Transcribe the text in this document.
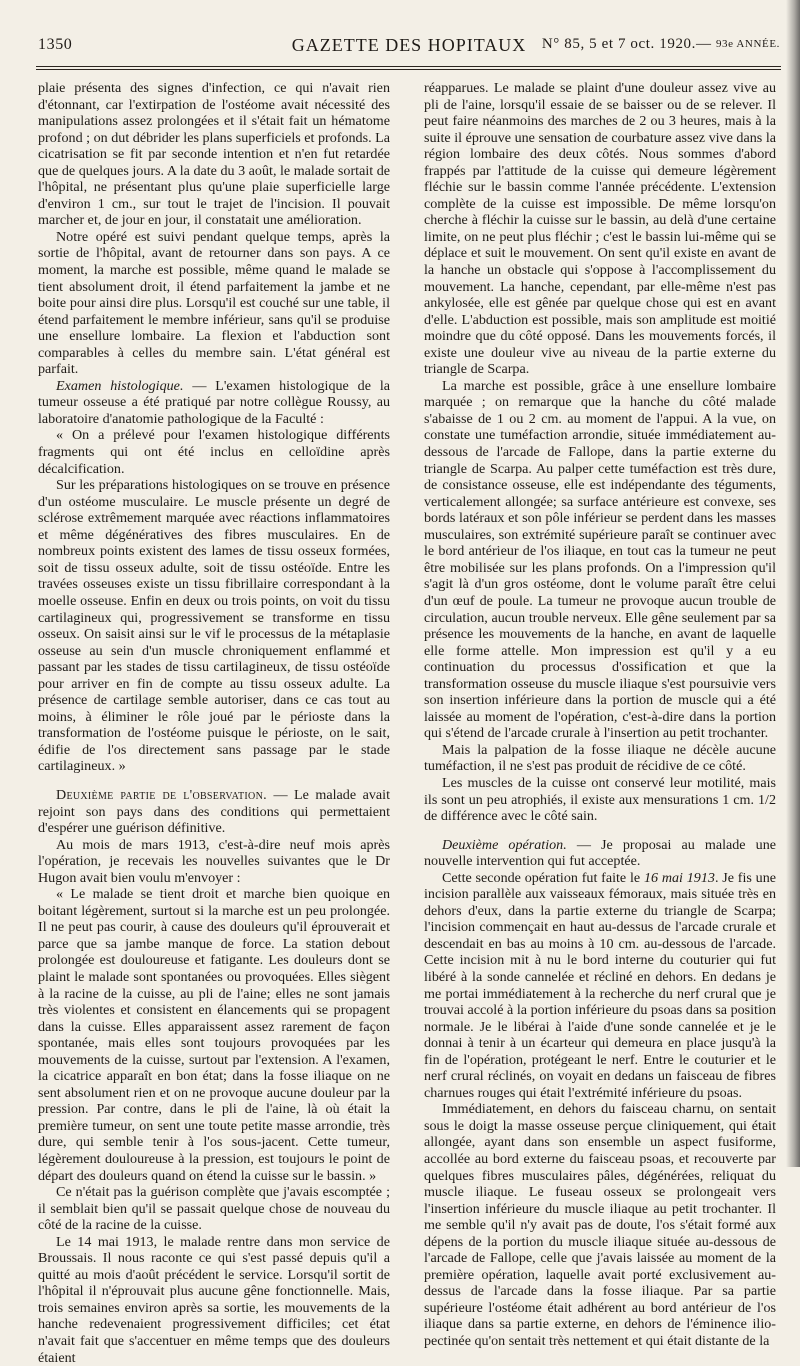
1350	GAZETTE DES HOPITAUX	N° 85, 5 et 7 oct. 1920.— 93e ANNÉE.

plaie présenta des signes d'infection, ce qui n'avait rien d'étonnant, car l'extirpation de l'ostéome avait nécessité des manipulations assez prolongées et il s'était fait un hématome profond ; on dut débrider les plans superficiels et profonds. La cicatrisation se fit par seconde intention et n'en fut retardée que de quelques jours. A la date du 3 août, le malade sortait de l'hôpital, ne présentant plus qu'une plaie superficielle large d'environ 1 cm., sur tout le trajet de l'incision. Il pouvait marcher et, de jour en jour, il constatait une amélioration.

Notre opéré est suivi pendant quelque temps, après la sortie de l'hôpital, avant de retourner dans son pays. A ce moment, la marche est possible, même quand le malade se tient absolument droit, il étend parfaitement la jambe et ne boite pour ainsi dire plus. Lorsqu'il est couché sur une table, il étend parfaitement le membre inférieur, sans qu'il se produise une ensellure lombaire. La flexion et l'abduction sont comparables à celles du membre sain. L'état général est parfait.

Examen histologique. — L'examen histologique de la tumeur osseuse a été pratiqué par notre collègue Roussy, au laboratoire d'anatomie pathologique de la Faculté :

« On a prélevé pour l'examen histologique différents fragments qui ont été inclus en celloïdine après décalcification.

Sur les préparations histologiques on se trouve en présence d'un ostéome musculaire. Le muscle présente un degré de sclérose extrêmement marquée avec réactions inflammatoires et même dégénératives des fibres musculaires. En de nombreux points existent des lames de tissu osseux formées, soit de tissu osseux adulte, soit de tissu ostéoïde. Entre les travées osseuses existe un tissu fibrillaire correspondant à la moelle osseuse. Enfin en deux ou trois points, on voit du tissu cartilagineux qui, progressivement se transforme en tissu osseux. On saisit ainsi sur le vif le processus de la métaplasie osseuse au sein d'un muscle chroniquement enflammé et passant par les stades de tissu cartilagineux, de tissu ostéoïde pour arriver en fin de compte au tissu osseux adulte. La présence de cartilage semble autoriser, dans ce cas tout au moins, à éliminer le rôle joué par le périoste dans la transformation de l'ostéome puisque le périoste, on le sait, édifie de l'os directement sans passage par le stade cartilagineux. »

Deuxième partie de l'observation. — Le malade avait rejoint son pays dans des conditions qui permettaient d'espérer une guérison définitive.

Au mois de mars 1913, c'est-à-dire neuf mois après l'opération, je recevais les nouvelles suivantes que le Dr Hugon avait bien voulu m'envoyer :

« Le malade se tient droit et marche bien quoique en boitant légèrement, surtout si la marche est un peu prolongée. Il ne peut pas courir, à cause des douleurs qu'il éprouverait et parce que sa jambe manque de force. La station debout prolongée est douloureuse et fatigante. Les douleurs dont se plaint le malade sont spontanées ou provoquées. Elles siègent à la racine de la cuisse, au pli de l'aine; elles ne sont jamais très violentes et consistent en élancements qui se propagent dans la cuisse. Elles apparaissent assez rarement de façon spontanée, mais elles sont toujours provoquées par les mouvements de la cuisse, surtout par l'extension. A l'examen, la cicatrice apparaît en bon état; dans la fosse iliaque on ne sent absolument rien et on ne provoque aucune douleur par la pression. Par contre, dans le pli de l'aine, là où était la première tumeur, on sent une toute petite masse arrondie, très dure, qui semble tenir à l'os sous-jacent. Cette tumeur, légèrement douloureuse à la pression, est toujours le point de départ des douleurs quand on étend la cuisse sur le bassin. »

Ce n'était pas la guérison complète que j'avais escomptée ; il semblait bien qu'il se passait quelque chose de nouveau du côté de la racine de la cuisse.

Le 14 mai 1913, le malade rentre dans mon service de Broussais. Il nous raconte ce qui s'est passé depuis qu'il a quitté au mois d'août précédent le service. Lorsqu'il sortit de l'hôpital il n'éprouvait plus aucune gêne fonctionnelle. Mais, trois semaines environ après sa sortie, les mouvements de la hanche redevenaient progressivement difficiles; cet état n'avait fait que s'accentuer en même temps que des douleurs étaient

réapparues. Le malade se plaint d'une douleur assez vive au pli de l'aine, lorsqu'il essaie de se baisser ou de se relever. Il peut faire néanmoins des marches de 2 ou 3 heures, mais à la suite il éprouve une sensation de courbature assez vive dans la région lombaire des deux côtés. Nous sommes d'abord frappés par l'attitude de la cuisse qui demeure légèrement fléchie sur le bassin comme l'année précédente. L'extension complète de la cuisse est impossible. De même lorsqu'on cherche à fléchir la cuisse sur le bassin, au delà d'une certaine limite, on ne peut plus fléchir ; c'est le bassin lui-même qui se déplace et suit le mouvement. On sent qu'il existe en avant de la hanche un obstacle qui s'oppose à l'accomplissement du mouvement. La hanche, cependant, par elle-même n'est pas ankylosée, elle est gênée par quelque chose qui est en avant d'elle. L'abduction est possible, mais son amplitude est moitié moindre que du côté opposé. Dans les mouvements forcés, il existe une douleur vive au niveau de la partie externe du triangle de Scarpa.

La marche est possible, grâce à une ensellure lombaire marquée ; on remarque que la hanche du côté malade s'abaisse de 1 ou 2 cm. au moment de l'appui. A la vue, on constate une tuméfaction arrondie, située immédiatement au-dessous de l'arcade de Fallope, dans la partie externe du triangle de Scarpa. Au palper cette tuméfaction est très dure, de consistance osseuse, elle est indépendante des téguments, verticalement allongée; sa surface antérieure est convexe, ses bords latéraux et son pôle inférieur se perdent dans les masses musculaires, son extrémité supérieure paraît se continuer avec le bord antérieur de l'os iliaque, en tout cas la tumeur ne peut être mobilisée sur les plans profonds. On a l'impression qu'il s'agit là d'un gros ostéome, dont le volume paraît être celui d'un œuf de poule. La tumeur ne provoque aucun trouble de circulation, aucun trouble nerveux. Elle gêne seulement par sa présence les mouvements de la hanche, en avant de laquelle elle forme attelle. Mon impression est qu'il y a eu continuation du processus d'ossification et que la transformation osseuse du muscle iliaque s'est poursuivie vers son insertion inférieure dans la portion de muscle qui a été laissée au moment de l'opération, c'est-à-dire dans la portion qui s'étend de l'arcade crurale à l'insertion au petit trochanter.

Mais la palpation de la fosse iliaque ne décèle aucune tuméfaction, il ne s'est pas produit de récidive de ce côté.

Les muscles de la cuisse ont conservé leur motilité, mais ils sont un peu atrophiés, il existe aux mensurations 1 cm. 1/2 de différence avec le côté sain.

Deuxième opération. — Je proposai au malade une nouvelle intervention qui fut acceptée.

Cette seconde opération fut faite le 16 mai 1913. Je fis une incision parallèle aux vaisseaux fémoraux, mais située très en dehors d'eux, dans la partie externe du triangle de Scarpa; l'incision commençait en haut au-dessus de l'arcade crurale et descendait en bas au moins à 10 cm. au-dessous de l'arcade. Cette incision mit à nu le bord interne du couturier qui fut libéré à la sonde cannelée et récliné en dehors. En dedans je me portai immédiatement à la recherche du nerf crural que je trouvai accolé à la portion inférieure du psoas dans sa position normale. Je le libérai à l'aide d'une sonde cannelée et je le donnai à tenir à un écarteur qui demeura en place jusqu'à la fin de l'opération, protégeant le nerf. Entre le couturier et le nerf crural réclinés, on voyait en dedans un faisceau de fibres charnues rouges qui était l'extrémité inférieure du psoas.

Immédiatement, en dehors du faisceau charnu, on sentait sous le doigt la masse osseuse perçue cliniquement, qui était allongée, ayant dans son ensemble un aspect fusiforme, accollée au bord externe du faisceau psoas, et recouverte par quelques fibres musculaires pâles, dégénérées, reliquat du muscle iliaque. Le fuseau osseux se prolongeait vers l'insertion inférieure du muscle iliaque au petit trochanter. Il me semble qu'il n'y avait pas de doute, l'os s'était formé aux dépens de la portion du muscle iliaque située au-dessous de l'arcade de Fallope, celle que j'avais laissée au moment de la première opération, laquelle avait porté exclusivement au-dessus de l'arcade dans la fosse iliaque. Par sa partie supérieure l'ostéome était adhérent au bord antérieur de l'os iliaque dans sa partie externe, en dehors de l'éminence ilio-pectinée qu'on sentait très nettement et qui était distante de la
